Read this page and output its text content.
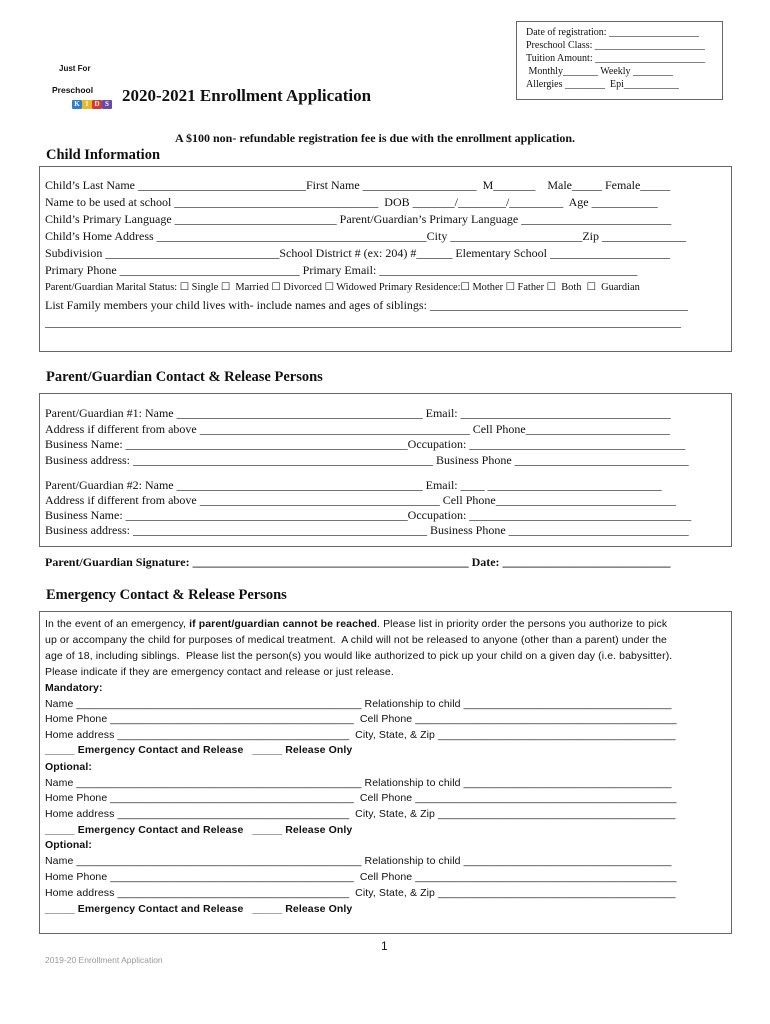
Just For

K I D S

Preschool

Date of registration: __________________
Preschool Class: ______________________
Tuition Amount: ______________________
Monthly_______ Weekly ________
Allergies ________  Epi___________
2020-2021 Enrollment Application
A $100 non- refundable registration fee is due with the enrollment application.
Child Information
Child’s Last Name ____________________________First Name ___________________  M_______    Male_____ Female_____
Name to be used at school __________________________________  DOB _______/________/_________  Age ___________
Child’s Primary Language ___________________________ Parent/Guardian’s Primary Language _________________________
Child’s Home Address _____________________________________________City ______________________Zip ______________
Subdivision _____________________________School District # (ex: 204) #______ Elementary School ____________________
Primary Phone ______________________________ Primary Email: ___________________________________________
Parent/Guardian Marital Status: ☐ Single ☐  Married ☐ Divorced ☐ Widowed Primary Residence:☐ Mother ☐ Father ☐  Both  ☐  Guardian
List Family members your child lives with- include names and ages of siblings: ___________________________________________
__________________________________________________________________________________________________________
Parent/Guardian Contact & Release Persons
Parent/Guardian #1: Name _________________________________________ Email: ___________________________________
Address if different from above _____________________________________________ Cell Phone________________________
Business Name: _______________________________________________Occupation: ____________________________________
Business address: __________________________________________________ Business Phone _____________________________
Parent/Guardian #2: Name _________________________________________ Email: ____ _____________________________
Address if different from above ________________________________________ Cell Phone______________________________
Business Name: _______________________________________________Occupation: _____________________________________
Business address: _________________________________________________ Business Phone ______________________________
Parent/Guardian Signature: ______________________________________________ Date: ____________________________
Emergency Contact & Release Persons
In the event of an emergency, if parent/guardian cannot be reached. Please list in priority order the persons you authorize to pick
up or accompany the child for purposes of medical treatment.  A child will not be released to anyone (other than a parent) under the
age of 18, including siblings.  Please list the person(s) you would like authorized to pick up your child on a given day (i.e. babysitter).
Please indicate if they are emergency contact and release or just release.
Mandatory:
Name ________________________________________________ Relationship to child ___________________________________
Home Phone _________________________________________  Cell Phone ____________________________________________
Home address _______________________________________  City, State, & Zip ________________________________________
_____ Emergency Contact and Release   _____ Release Only
Optional:
Name ________________________________________________ Relationship to child ___________________________________
Home Phone _________________________________________  Cell Phone ____________________________________________
Home address _______________________________________  City, State, & Zip ________________________________________
_____ Emergency Contact and Release   _____ Release Only
Optional:
Name ________________________________________________ Relationship to child ___________________________________
Home Phone _________________________________________  Cell Phone ____________________________________________
Home address _______________________________________  City, State, & Zip ________________________________________
_____ Emergency Contact and Release   _____ Release Only
1
2019-20 Enrollment Application
